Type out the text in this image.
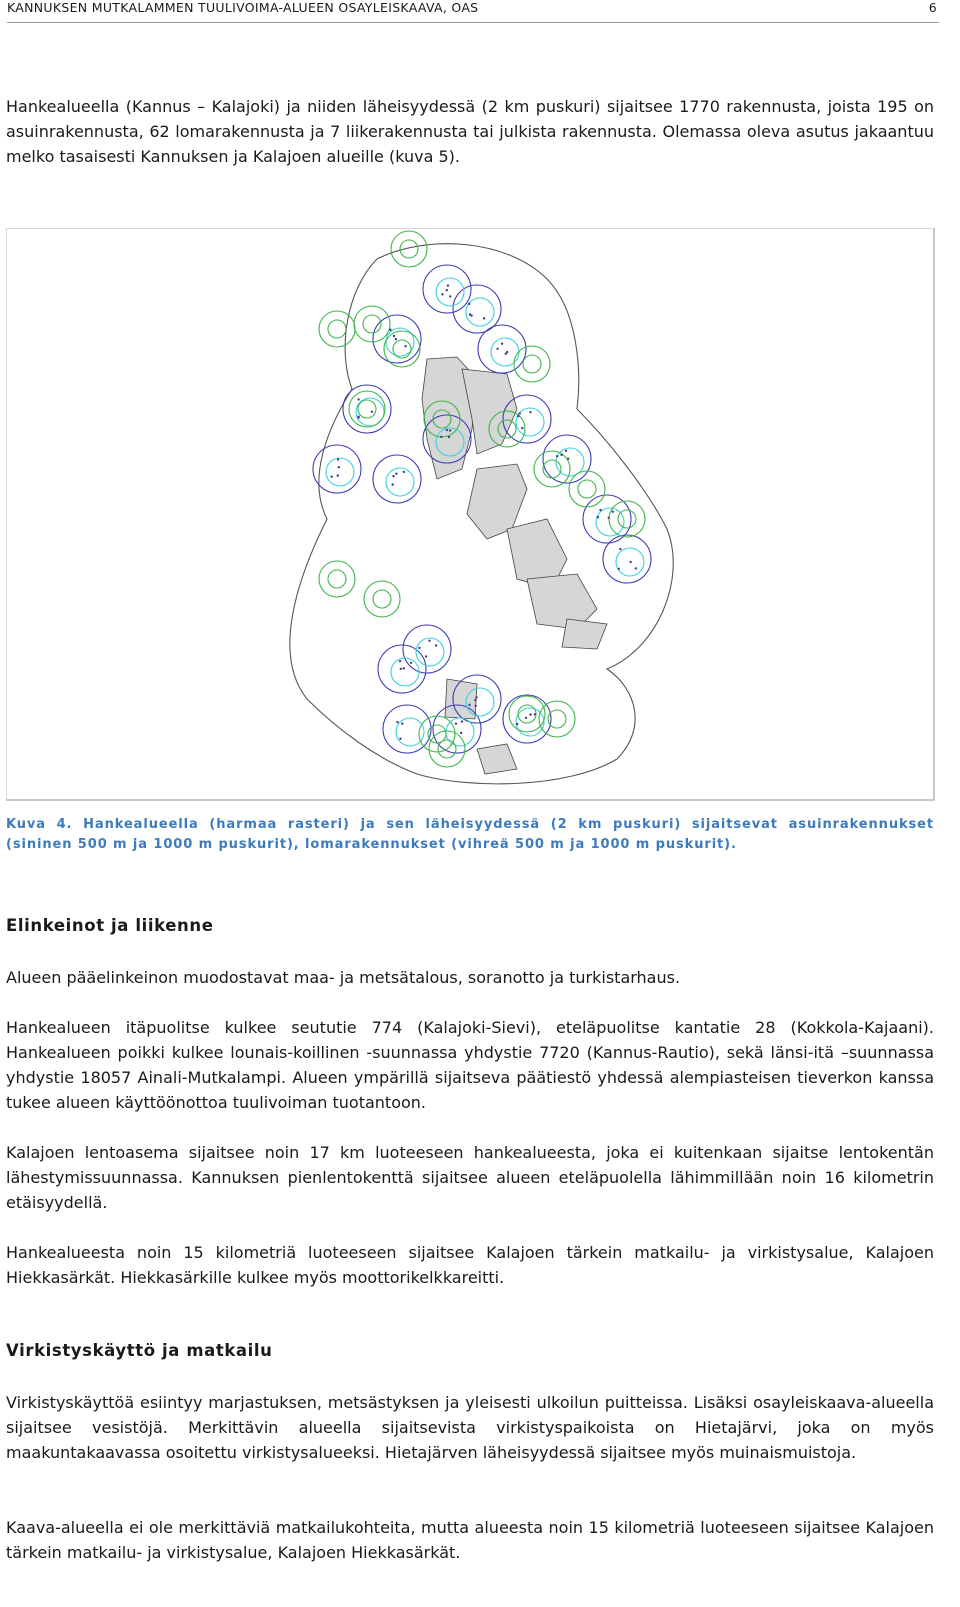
KANNUKSEN MUTKALAMMEN TUULIVOIMA-ALUEEN OSAYLEISKAAVA, OAS	6

Hankealueella (Kannus – Kalajoki) ja niiden läheisyydessä (2 km puskuri) sijaitsee 1770 rakennusta, joista 195 on asuinrakennusta, 62 lomarakennusta ja 7 liikerakennusta tai julkista rakennusta. Olemassa oleva asutus jakaantuu melko tasaisesti Kannuksen ja Kalajoen alueille (kuva 5).

Kuva 4. Hankealueella (harmaa rasteri) ja sen läheisyydessä (2 km puskuri) sijaitsevat asuinrakennukset (sininen 500 m ja 1000 m puskurit), lomarakennukset (vihreä 500 m ja 1000 m puskurit).
Elinkeinot ja liikenne

Alueen pääelinkeinon muodostavat maa- ja metsätalous, soranotto ja turkistarhaus.

Hankealueen itäpuolitse kulkee seututie 774 (Kalajoki-Sievi), eteläpuolitse kantatie 28 (Kokkola-Kajaani). Hankealueen poikki kulkee lounais-koillinen -suunnassa yhdystie 7720 (Kannus-Rautio), sekä länsi-itä –suunnassa yhdystie 18057 Ainali-Mutkalampi. Alueen ympärillä sijaitseva päätiestö yhdessä alempiasteisen tieverkon kanssa tukee alueen käyttöönottoa tuulivoiman tuotantoon.

Kalajoen lentoasema sijaitsee noin 17 km luoteeseen hankealueesta, joka ei kuitenkaan sijaitse lentokentän lähestymissuunnassa. Kannuksen pienlentokenttä sijaitsee alueen eteläpuolella lähimmillään noin 16 kilometrin etäisyydellä.

Hankealueesta noin 15 kilometriä luoteeseen sijaitsee Kalajoen tärkein matkailu- ja virkistysalue, Kalajoen Hiekkasärkät. Hiekkasärkille kulkee myös moottorikelkkareitti.

Virkistyskäyttö ja matkailu

Virkistyskäyttöä esiintyy marjastuksen, metsästyksen ja yleisesti ulkoilun puitteissa. Lisäksi osayleiskaava-alueella sijaitsee vesistöjä. Merkittävin alueella sijaitsevista virkistyspaikoista on Hietajärvi, joka on myös maakuntakaavassa osoitettu virkistysalueeksi. Hietajärven läheisyydessä sijaitsee myös muinaismuistoja.

Kaava-alueella ei ole merkittäviä matkailukohteita, mutta alueesta noin 15 kilometriä luoteeseen sijaitsee Kalajoen tärkein matkailu- ja virkistysalue, Kalajoen Hiekkasärkät.
